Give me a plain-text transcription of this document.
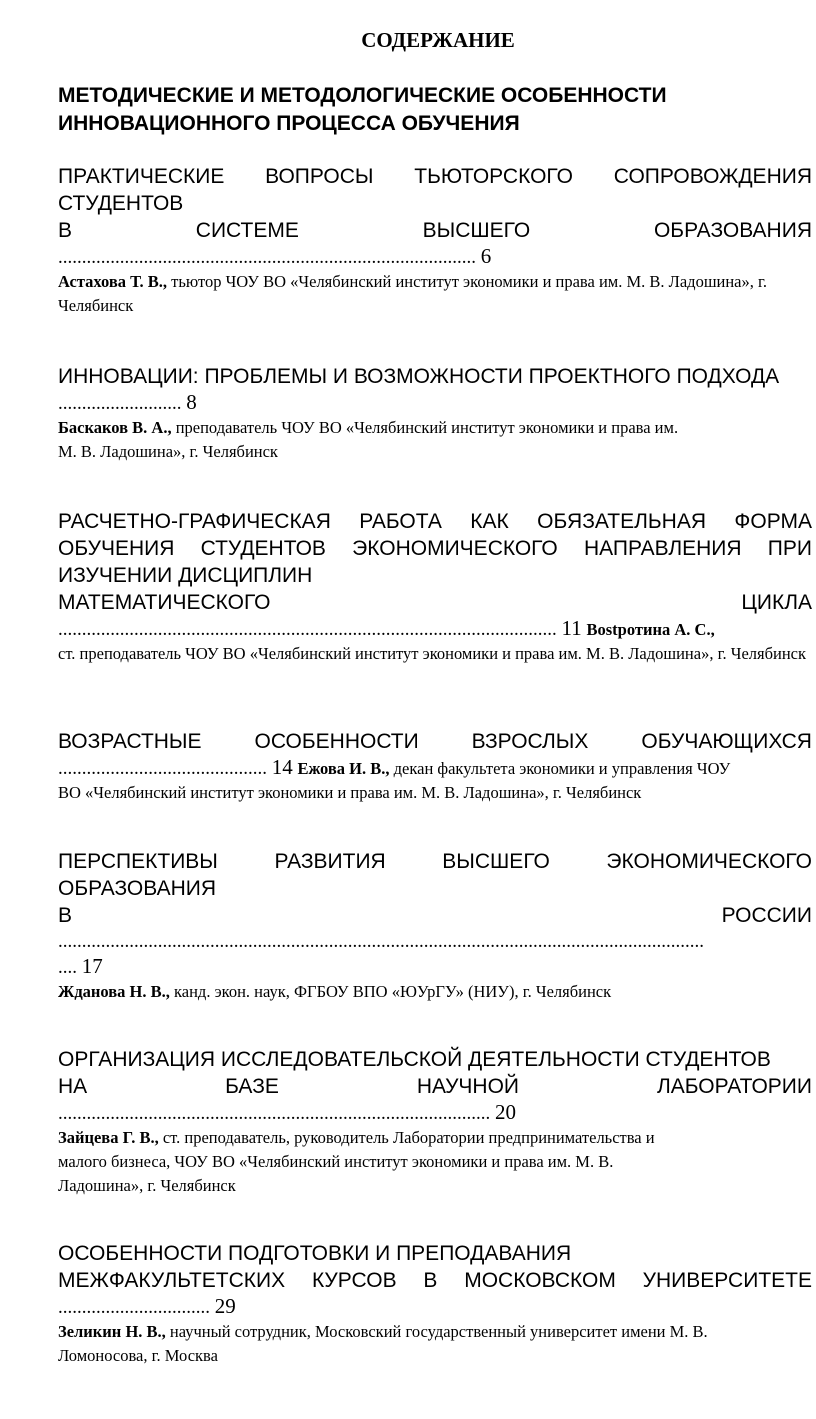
СОДЕРЖАНИЕ
МЕТОДИЧЕСКИЕ И МЕТОДОЛОГИЧЕСКИЕ ОСОБЕННОСТИ ИННОВАЦИОННОГО ПРОЦЕССА ОБУЧЕНИЯ
ПРАКТИЧЕСКИЕ ВОПРОСЫ ТЬЮТОРСКОГО СОПРОВОЖДЕНИЯ
СТУДЕНТОВ
В	СИСТЕМЕ	ВЫСШЕГО	ОБРАЗОВАНИЯ
........................................................................................ 6
Астахова Т. В., тьютор ЧОУ ВО «Челябинский институт экономики и права им. М. В. Ладошина», г. Челябинск
ИННОВАЦИИ: ПРОБЛЕМЫ И ВОЗМОЖНОСТИ ПРОЕКТНОГО ПОДХОДА
.......................... 8
Баскаков В. А., преподаватель ЧОУ ВО «Челябинский институт экономики и права им.
М. В. Ладошина», г. Челябинск
РАСЧЕТНО-ГРАФИЧЕСКАЯ РАБОТА КАК ОБЯЗАТЕЛЬНАЯ ФОРМА
ОБУЧЕНИЯ СТУДЕНТОВ ЭКОНОМИЧЕСКОГО НАПРАВЛЕНИЯ ПРИ
ИЗУЧЕНИИ ДИСЦИПЛИН
МАТЕМАТИЧЕСКОГО	ЦИКЛА
......................................................................................................... 11 Вostротина А. С.,
ст. преподаватель ЧОУ ВО «Челябинский институт экономики и права им. М. В. Ладошина», г. Челябинск
ВОЗРАСТНЫЕ	ОСОБЕННОСТИ	ВЗРОСЛЫХ	ОБУЧАЮЩИХСЯ
............................................ 14 Ежова И. В., декан факультета экономики и управления ЧОУ
ВО «Челябинский институт экономики и права им. М. В. Ладошина», г. Челябинск
ПЕРСПЕКТИВЫ	РАЗВИТИЯ	ВЫСШЕГО	ЭКОНОМИЧЕСКОГО
ОБРАЗОВАНИЯ
В	РОССИИ
........................................................................................................................................
.... 17
Жданова Н. В., канд. экон. наук, ФГБОУ ВПО «ЮУрГУ» (НИУ), г. Челябинск
ОРГАНИЗАЦИЯ ИССЛЕДОВАТЕЛЬСКОЙ ДЕЯТЕЛЬНОСТИ СТУДЕНТОВ
НА	БАЗЕ	НАУЧНОЙ	ЛАБОРАТОРИИ
........................................................................................... 20
Зайцева Г. В., ст. преподаватель, руководитель Лаборатории предпринимательства и
малого бизнеса, ЧОУ ВО «Челябинский институт экономики и права им. М. В.
Ладошина», г. Челябинск
ОСОБЕННОСТИ ПОДГОТОВКИ И ПРЕПОДАВАНИЯ
МЕЖФАКУЛЬТЕТСКИХ КУРСОВ В МОСКОВСКОМ УНИВЕРСИТЕТЕ
................................ 29
Зеликин Н. В., научный сотрудник, Московский государственный университет имени М. В.
Ломоносова, г. Москва
